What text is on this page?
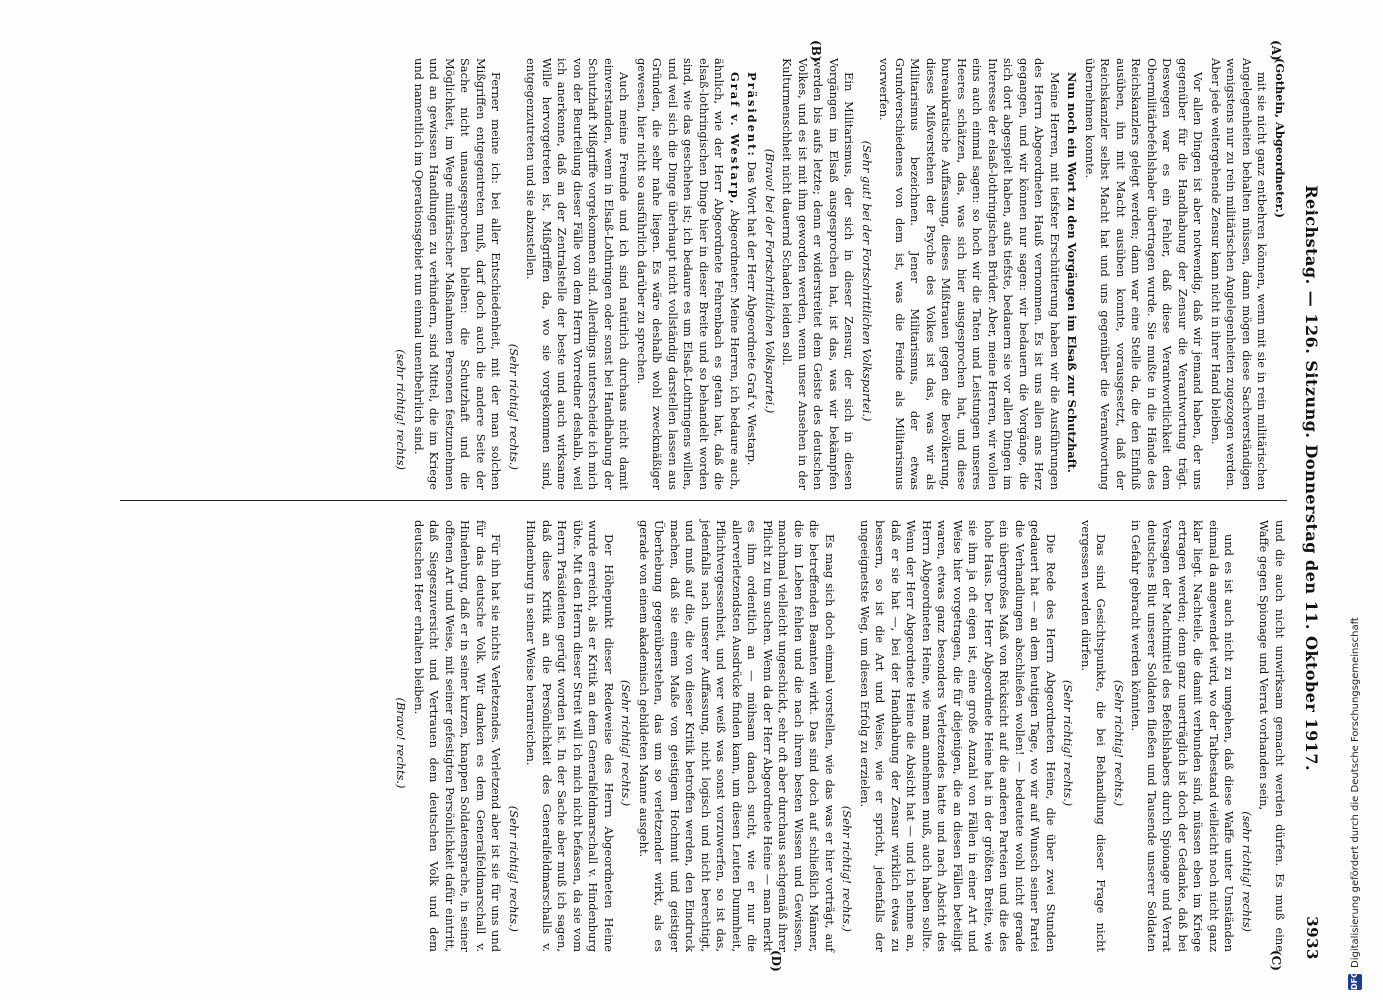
Reichstag. — 126. Sitzung. Donnerstag den 11. Oktober 1917.
3933
(A)
(B)
(C)
(D)

(Gothein, Abgeordneter.)

mit sie nicht ganz entbehren können, wenn mit sie in rein militärischen Angelegenheiten behalten müssen, dann mögen diese Sachverständigen wenigstens nur zu rein militärischen Angelegenheiten zugezogen werden. Aber jede weitergehende Zensur kann nicht in ihrer Hand bleiben.

Vor allen Dingen ist aber notwendig, daß wir jemand haben, der uns gegenüber für die Handhabung der Zensur die Verantwortung trägt. Deswegen war es ein Fehler, daß diese Verantwortlichkeit dem Obermilitärbefehlshaber übertragen wurde. Sie mußte in die Hände des Reichskanzlers gelegt werden; dann war eine Stelle da, die den Einfluß ausüben, ihn mit Macht ausüben konnte, vorausgesetzt, daß der Reichskanzler selbst Macht hat und uns gegenüber die Verantwortung übernehmen konnte.

Nun noch ein Wort zu den Vorgängen im Elsaß zur Schutzhaft.

Meine Herren, mit tiefster Erschütterung haben wir die Ausführungen des Herrn Abgeordneten Hauß vernommen. Es ist uns allen ans Herz gegangen, und wir können nur sagen: wir bedauern die Vorgänge, die sich dort abgespielt haben, aufs tiefste, bedauern sie vor allen Dingen im Interesse der elsaß-lothringischen Brüder. Aber, meine Herren, wir wollen eins auch einmal sagen: so hoch wir die Taten und Leistungen unseres Heeres schätzen, das, was sich hier ausgesprochen hat, und diese bureaukratische Auffassung, dieses Mißtrauen gegen die Bevölkerung, dieses Mißverstehen der Psyche des Volkes ist das, was wir als Militarismus bezeichnen. Jener Militarismus, der etwas Grundverschiedenes von dem ist, was die Feinde als Militarismus vorwerfen.

(Sehr gut! bei der Fortschrittlichen Volkspartei.)

Ein Militarismus, der sich in dieser Zensur, der sich in diesen Vorgängen im Elsaß ausgesprochen hat, ist das, was wir bekämpfen werden bis aufs letzte; denn er widerstreitet dem Geiste des deutschen Volkes, und es ist mit ihm geworden werden, wenn unser Ansehen in der Kulturmenschheit nicht dauernd Schaden leiden soll.

(Bravo! bei der Fortschrittlichen Volkspartei.)

Präsident: Das Wort hat der Herr Abgeordnete Graf v. Westarp.

Graf v. Westarp, Abgeordneter: Meine Herren, ich bedaure auch, ähnlich, wie der Herr Abgeordnete Fehrenbach es getan hat, daß die elsaß-lothringischen Dinge hier in dieser Breite und so behandelt worden sind, wie das geschehen ist; ich bedaure es um Elsaß-Lothringens willen, und weil sich die Dinge überhaupt nicht vollständig darstellen lassen aus Gründen, die sehr nahe liegen. Es wäre deshalb wohl zweckmäßiger gewesen, hier nicht so ausführlich darüber zu sprechen.

Auch meine Freunde und ich sind natürlich durchaus nicht damit einverstanden, wenn in Elsaß-Lothringen oder sonst bei Handhabung der Schutzhaft Mißgriffe vorgekommen sind. Allerdings unterscheide ich mich von der Beurteilung dieser Fälle von dem Herrn Vorredner deshalb, weil ich anerkenne, daß an der Zentralstelle der beste und auch wirksame Wille hervorgetreten ist, Mißgriffen da, wo sie vorgekommen sind, entgegenzutreten und sie abzustellen.

(Sehr richtig! rechts.)

Ferner meine ich: bei aller Entschiedenheit, mit der man solchen Mißgriffen entgegentreten muß, darf doch auch die andere Seite der Sache nicht unausgesprochen bleiben: die Schutzhaft und die Möglichkeit, im Wege militärischer Maßnahmen Personen festzunehmen und an gewissen Handlungen zu verhindern, sind Mittel, die im Kriege und namentlich im Operationsgebiet nun einmal unentbehrlich sind.

(sehr richtig! rechts)

und die auch nicht unwirksam gemacht werden dürfen. Es muß eine Waffe gegen Spionage und Verrat vorhanden sein,

(sehr richtig! rechts)

und es ist auch nicht zu umgehen, daß diese Waffe unter Umständen einmal da angewendet wird, wo der Tatbestand vielleicht noch nicht ganz klar liegt. Nachteile, die damit verbunden sind, müssen eben im Kriege ertragen werden; denn ganz unerträglich ist doch der Gedanke, daß bei Versagen der Machtmittel des Befehlshabers durch Spionage und Verrat deutsches Blut unserer Soldaten fließen und Tausende unserer Soldaten in Gefahr gebracht werden könnten.

(Sehr richtig! rechts.)

Das sind Gesichtspunkte, die bei Behandlung dieser Frage nicht vergessen werden dürfen.

(Sehr richtig! rechts.)

Die Rede des Herrn Abgeordneten Heine, die über zwei Stunden gedauert hat — an dem heutigen Tage, wo wir auf Wunsch seiner Partei die Verhandlungen abschließen wollen! — bedeutete wohl nicht gerade ein übergroßes Maß von Rücksicht auf die anderen Parteien und die des hohe Haus. Der Herr Abgeordnete Heine hat in der größten Breite, wie sie ihm ja oft eigen ist, eine große Anzahl von Fällen in einer Art und Weise hier vorgetragen, die für diejenigen, die an diesen Fällen beteiligt waren, etwas ganz besonders Verletzendes hatte und nach Absicht des Herrn Abgeordneten Heine, wie man annehmen muß, auch haben sollte. Wenn der Herr Abgeordnete Heine die Absicht hat — und ich nehme an, daß er sie hat —, bei der Handhabung der Zensur wirklich etwas zu bessern, so ist die Art und Weise, wie er spricht, jedenfalls der ungeeignetste Weg, um diesen Erfolg zu erzielen.

(Sehr richtig! rechts.)

Es mag sich doch einmal vorstellen, wie das was er hier vorträgt, auf die betreffenden Beamten wirkt. Das sind doch auf schließlich Männer, die im Leben fehlen und die nach ihrem besten Wissen und Gewissen, manchmal vielleicht ungeschickt, sehr oft aber durchaus sachgemäß ihrer Pflicht zu tun suchen. Wenn da der Herr Abgeordnete Heine — man merkt es ihm ordentlich an — mühsam danach sucht, wie er nur die allerverletzendsten Ausdrücke finden kann, um diesen Leuten Dummheit, Pflichtvergessenheit, und wer weiß was sonst vorzuwerfen, so ist das, jedenfalls nach unserer Auffassung, nicht logisch und nicht berechtigt, und muß auf die, die von dieser Kritik betroffen werden, den Eindruck machen, daß sie einem Maße von geistigem Hochmut und geistiger Überhebung gegenüberstehen, das um so verletzender wirkt, als es gerade von einem akademisch gebildeten Manne ausgeht.

(Sehr richtig! rechts.)

Der Höhepunkt dieser Redeweise des Herrn Abgeordneten Heine wurde erreicht, als er Kritik an dem Generalfeldmarschall v. Hindenburg übte. Mit den Herrn dieser Streit will ich mich nicht befassen, da sie vom Herrn Präsidenten gerügt worden ist. In der Sache aber muß ich sagen, daß diese Kritik an die Persönlichkeit des Generalfeldmarschalls v. Hindenburg in seiner Weise heranreichen.

(Sehr richtig! rechts.)

Für ihn hat sie nichts Verletzendes. Verletzend aber ist sie für uns und für das deutsche Volk. Wir danken es dem Generalfeldmarschall v. Hindenburg, daß er in seiner kurzen, knappen Soldatensprache, in seiner offenen Art und Weise, mit seiner gefestigten Persönlichkeit dafür eintritt, daß Siegeszuversicht und Vertrauen dem deutschen Volk und dem deutschen Heer erhalten bleiben.

(Bravo! rechts.)

DFG
Digitalisierung gefördert durch die Deutsche Forschungsgemeinschaft
